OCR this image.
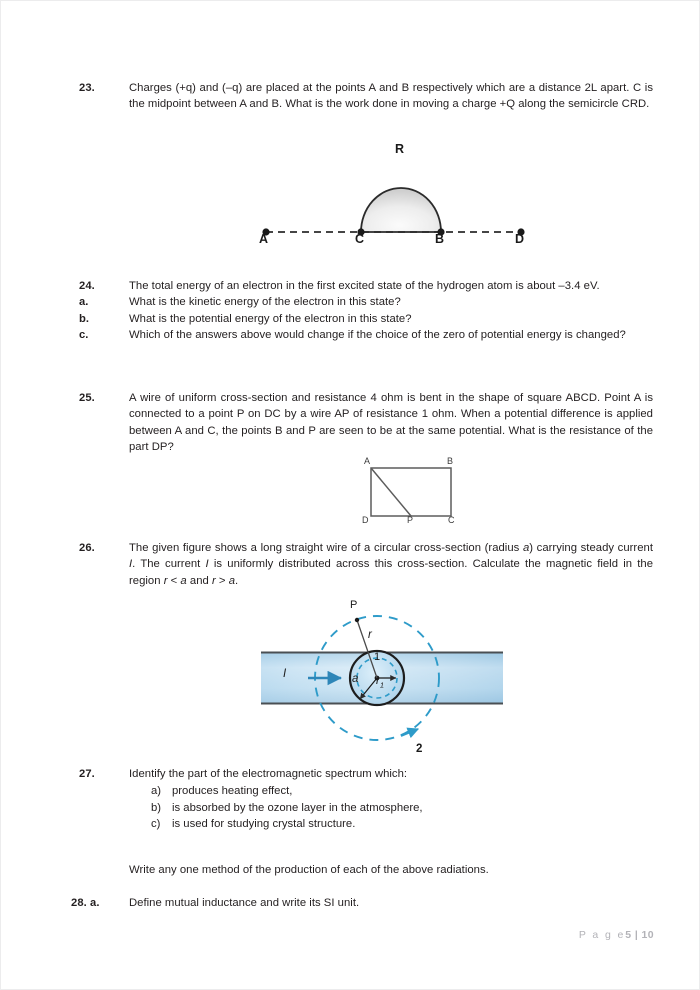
23.	Charges (+q) and (–q) are placed at the points A and B respectively which are a distance 2L apart. C is the midpoint between A and B. What is the work done in moving a charge +Q along the semicircle CRD.
A	C	B	D
R
24.	The total energy of an electron in the first excited state of the hydrogen atom is about –3.4 eV.
a.	What is the kinetic energy of the electron in this state?
b.	What is the potential energy of the electron in this state?
c.	Which of the answers above would change if the choice of the zero of potential energy is changed?
25.	A wire of uniform cross-section and resistance 4 ohm is bent in the shape of square ABCD. Point A is connected to a point P on DC by a wire AP of resistance 1 ohm. When a potential difference is applied between A and C, the points B and P are seen to be at the same potential. What is the resistance of the part DP?
A	B
C
D	P
26.	The given figure shows a long straight wire of a circular cross-section (radius a) carrying steady current I. The current I is uniformly distributed across this cross-section. Calculate the magnetic field in the region r < a and r > a.
P
r
I
1
2
a $r_1$
27.	Identify the part of the electromagnetic spectrum which:
a) produces heating effect,
b) is absorbed by the ozone layer in the atmosphere,
c)	is used for studying crystal structure.
Write any one method of the production of each of the above radiations.
28. a.	Define mutual inductance and write its SI unit.
P a g e5 | 10
